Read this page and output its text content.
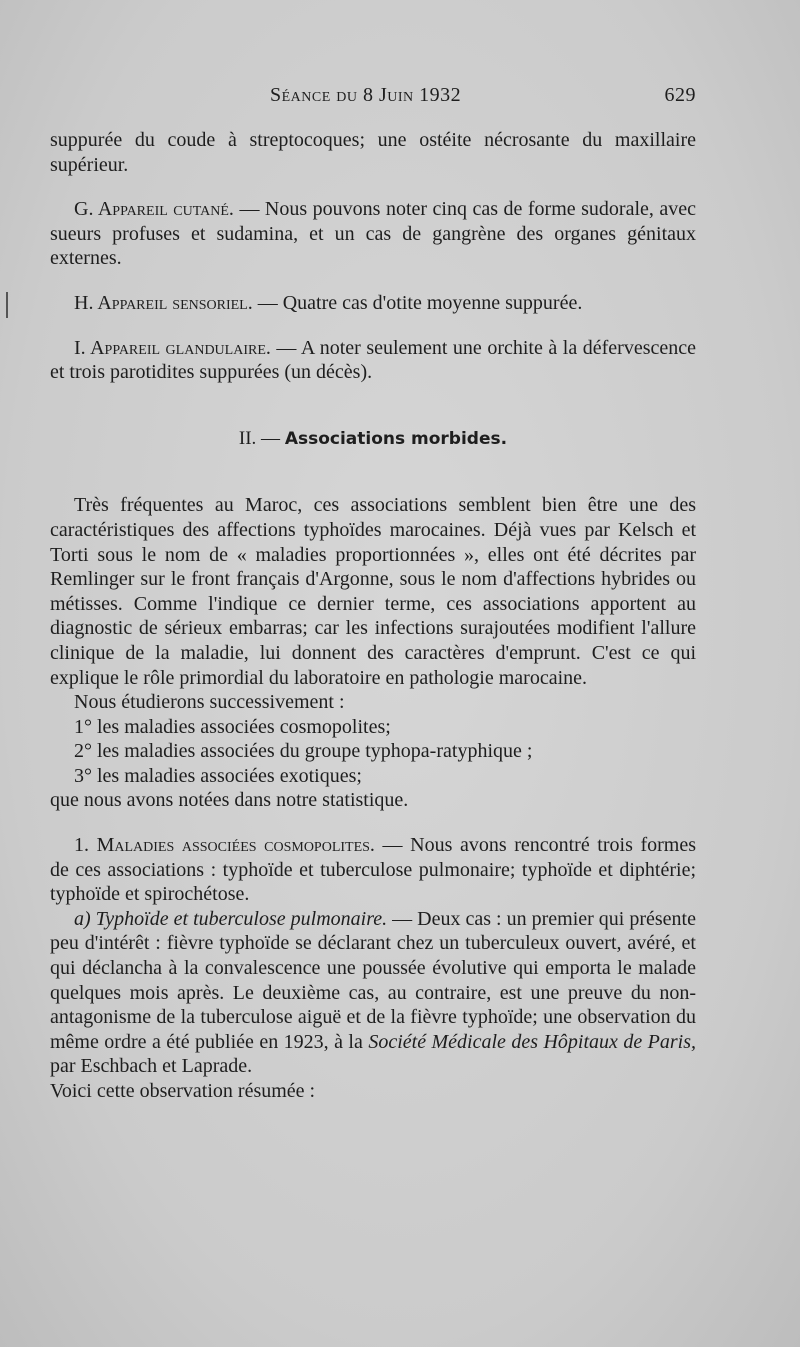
Séance du 8 Juin 1932	629

suppurée du coude à streptocoques; une ostéite nécrosante du maxillaire supérieur.

G. Appareil cutané. — Nous pouvons noter cinq cas de forme sudorale, avec sueurs profuses et sudamina, et un cas de gangrène des organes génitaux externes.

H. Appareil sensoriel. — Quatre cas d'otite moyenne suppurée.

I. Appareil glandulaire. — A noter seulement une orchite à la défervescence et trois parotidites suppurées (un décès).

II. — Associations morbides.

Très fréquentes au Maroc, ces associations semblent bien être une des caractéristiques des affections typhoïdes marocaines. Déjà vues par Kelsch et Torti sous le nom de « maladies proportionnées », elles ont été décrites par Remlinger sur le front français d'Argonne, sous le nom d'affections hybrides ou métisses. Comme l'indique ce dernier terme, ces associations apportent au diagnostic de sérieux embarras; car les infections surajoutées modifient l'allure clinique de la maladie, lui donnent des caractères d'emprunt. C'est ce qui explique le rôle primordial du laboratoire en pathologie marocaine.

Nous étudierons successivement :

1° les maladies associées cosmopolites;

2° les maladies associées du groupe typhopa-ratyphique ;

3° les maladies associées exotiques;

que nous avons notées dans notre statistique.

1. Maladies associées cosmopolites. — Nous avons rencontré trois formes de ces associations : typhoïde et tuberculose pulmonaire; typhoïde et diphtérie; typhoïde et spirochétose.

a) Typhoïde et tuberculose pulmonaire. — Deux cas : un premier qui présente peu d'intérêt : fièvre typhoïde se déclarant chez un tuberculeux ouvert, avéré, et qui déclancha à la convalescence une poussée évolutive qui emporta le malade quelques mois après. Le deuxième cas, au contraire, est une preuve du non-antagonisme de la tuberculose aiguë et de la fièvre typhoïde; une observation du même ordre a été publiée en 1923, à la Société Médicale des Hôpitaux de Paris, par Eschbach et Laprade.

Voici cette observation résumée :
